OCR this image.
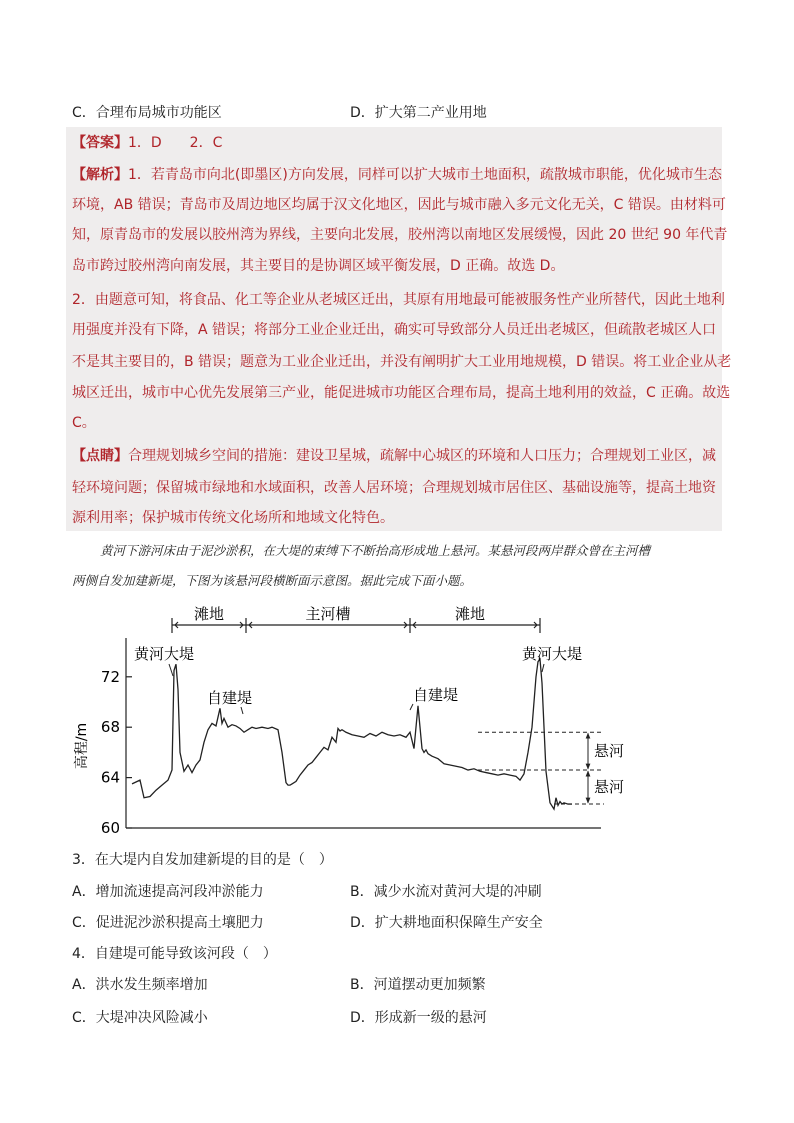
C．合理布局城市功能区	D．扩大第二产业用地
【答案】1．D　　2．C
【解析】1．若青岛市向北(即墨区)方向发展，同样可以扩大城市土地面积，疏散城市职能，优化城市生态
环境，AB 错误；青岛市及周边地区均属于汉文化地区，因此与城市融入多元文化无关，C 错误。由材料可
知，原青岛市的发展以胶州湾为界线，主要向北发展，胶州湾以南地区发展缓慢，因此 20 世纪 90 年代青
岛市跨过胶州湾向南发展，其主要目的是协调区域平衡发展，D 正确。故选 D。
2．由题意可知，将食品、化工等企业从老城区迁出，其原有用地最可能被服务性产业所替代，因此土地利
用强度并没有下降，A 错误；将部分工业企业迁出，确实可导致部分人员迁出老城区，但疏散老城区人口
不是其主要目的，B 错误；题意为工业企业迁出，并没有阐明扩大工业用地规模，D 错误。将工业企业从老
城区迁出，城市中心优先发展第三产业，能促进城市功能区合理布局，提高土地利用的效益，C 正确。故选
C。
【点睛】合理规划城乡空间的措施：建设卫星城，疏解中心城区的环境和人口压力；合理规划工业区，减
轻环境问题；保留城市绿地和水域面积，改善人居环境；合理规划城市居住区、基础设施等，提高土地资
源利用率；保护城市传统文化场所和地域文化特色。
黄河下游河床由于泥沙淤积，在大堤的束缚下不断抬高形成地上悬河。某悬河段两岸群众曾在主河槽
两侧自发加建新堤，下图为该悬河段横断面示意图。据此完成下面小题。
滩地	主河槽	滩地
60
64
68
72
高程/m	悬河
悬河
黄河大堤
自建堤	自建堤
黄河大堤
3．在大堤内自发加建新堤的目的是（　）
A．增加流速提高河段冲淤能力	B．减少水流对黄河大堤的冲刷
C．促进泥沙淤积提高土壤肥力	D．扩大耕地面积保障生产安全
4．自建堤可能导致该河段（　）
A．洪水发生频率增加	B．河道摆动更加频繁
C．大堤冲决风险减小	D．形成新一级的悬河
